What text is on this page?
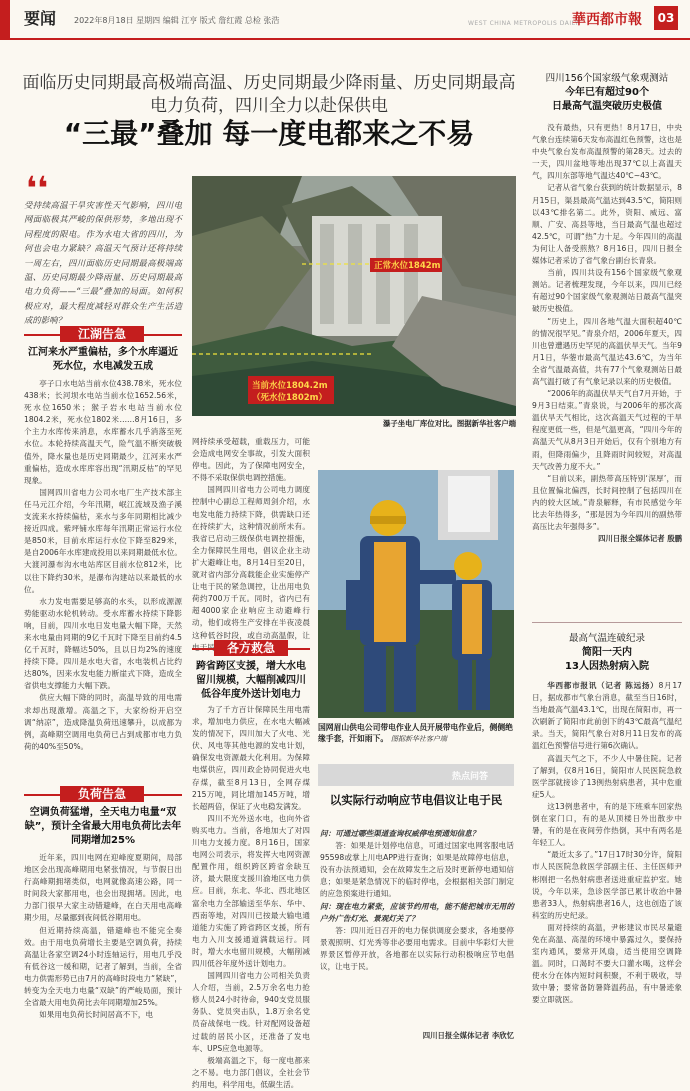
要闻 2022年8月18日 星期四 编辑 江亨 版式 詹红霞 总检 张浩	WEST CHINA METROPOLIS DAILY
華西都市報	03
面临历史同期最高极端高温、历史同期最少降雨量、历史同期最高电力负荷，四川全力以赴保供电
“三最”叠加 每一度电都来之不易
❛❛
受持续高温干旱灾害性天气影响，四川电网面临极其严峻的保供形势，多地出现不同程度的限电。作为水电大省的四川，为何也会电力紧缺？高温天气预计还将持续一周左右，四川面临历史同期最高极端高温、历史同期最少降雨量、历史同期最高电力负荷——“三最”叠加的局面。如何积极应对，最大程度减轻对群众生产生活造成的影响？
正常水位1842m
当前水位1804.2m
（死水位1802m）
瀑子坐电厂库位对比。图据新华社客户端
江湖告急
江河来水严重偏枯，多个水库逼近死水位，水电减发五成

亭子口水电站当前水位438.78米，死水位438米；长河坝水电站当前水位1652.56米，死水位1650米；猴子岩水电站当前水位1804.2米，死水位1802米……8月16日，多个主力水库传来消息，水库蓄水几乎消落至死水位。本轮持续高温天气，险气温不断突破极值外，降水量也是历史同期最少，江河来水严重偏枯，造成水库库容出现“汛期反枯”的罕见现象。

国网四川省电力公司水电厂生产技术部主任马元江介绍，今年汛期，岷江流域及渔子溪支流来水持续偏枯，来水与多年同期相比减少接近四成。紫坪铺水库每年汛期正常运行水位是850米，目前水库运行水位下降至829米，是自2006年水库建成投用以来同期最低水位。大渡河瀑布沟水电站库区目前水位812米，比以往下降约30米，是瀑布沟建站以来最低的水位。

水力发电需要足够高的水头，以形成源源势能驱动水轮机转动。受水库蓄水持续下降影响，目前，四川水电日发电量大幅下降，天然来水电量由同期的9亿千瓦时下降至目前约4.5亿千瓦时，降幅达50%，且以日均2%的速度持续下降。四川是水电大省，水电装机占比约达80%，因来水发电能力断崖式下降，造成全省供电支撑能力大幅下跌。

供应大幅下降的同时，高温导致的用电需求却出现激增。高温之下，大家纷纷开启空调“纳凉”，造成降温负荷迅速攀升，以成都为例，高峰期空调用电负荷已占到成都市电力负荷的40%至50%。

负荷告急
空调负荷猛增，全天电力电量“双缺”，预计全省最大用电负荷比去年同期增加25%

近年来，四川电网在迎峰度夏期间，局部地区会出现高峰期用电紧张情况，与节假日出行高峰期拥堵类似，电网就像高速公路，同一时间段大家都用电，也会出现拥堵。因此，电力部门很早大家主动错避峰，在白天用电高峰期少用，尽量挪到夜间低谷期用电。

但近期持续高温，错避峰也不能完全奏效。由于用电负荷增长主要是空调负荷，持续高温让各家空调24小时连轴运行，用电几乎没有低谷这一缓和期，记者了解到，当前，全省电力供需形势已由7月的高峰时段电力“紧缺”，转变为全天电力电量“双缺”的严峻局面，预计全省最大用电负荷比去年同期增加25%。

如果用电负荷长时间居高不下，电

网持续承受超载，重载压力，可能会造成电网安全事故，引发大面积停电。因此，为了保障电网安全，不得不采取保供电调控措施。

国网四川省电力公司电力调度控制中心副总工程师周剑介绍，水电发电能力持续下降，供需缺口还在持续扩大，这种情况前所未有。我省已启动三级保供电调控措施，全力保障民生用电，倡议企业主动扩大避峰让电，8月14日至20日，就对省内部分高载能企业实施停产让电于民的紧急调控，让出用电负荷约700万千瓦。同时，省内已有超4000家企业响应主动避峰行动，他们或将生产安排在半夜凌晨这种低谷时段，或自动高温假，让

各方救急
跨省跨区支援，增大水电留川规模，大幅削减四川低谷年度外送计划电力

为了千方百计保障民生用电需求，增加电力供应，在水电大幅减发的情况下，四川加大了火电、光伏、风电等其他电源的发电计划，确保发电资源最大化利用。为保障电煤供应，四川政企协同促进火电存煤，截至8月13日，全网存煤215万吨，同比增加145万吨，增长超两倍，保证了火电稳发满发。

四川不光外送水电，也向外省购买电力。当前，各地加大了对四川电力支援力度。8月16日，国家电网公司表示，将发挥大电网资源配置作用，组织跨区跨省余缺互济，最大限度支援川渝地区电力供应。目前，东北、华北、西北地区富余电力全部输送至华东、华中、西南等地，对四川已按最大输电通道能力实施了跨省跨区支援，所有电力入川支援通道满载运行。同时，增大水电留川规模，大幅削减四川低谷年度外送计划电力。

国网四川省电力公司相关负责人介绍，当前，2.5万余名电力抢修人员24小时待命，940支党员服务队、党员突击队，1.8万余名党员奋战保电一线。针对配网设备超过载的居民小区，还准备了发电车、UPS应急电源等。

极端高温之下，每一度电都来之不易。电力部门倡议，全社会节约用电，科学用电，低碳生活。

国网眉山供电公司带电作业人员开展带电作业后，侧侧绝缘手套，汗如雨下。 图据新华社客户端
热点问答
以实际行动响应节电倡议让电于民

问：可通过哪些渠道查询权威停电预通知信息？

答：如果是计划停电信息，可通过国家电网客服电话95598或掌上川电APP进行查询；如果是故障停电信息，没有办法预通知，会在故障发生之后及时更新停电通知信息；如果是紧急情况下的临时停电，会根据相关部门制定的应急预案进行通知。

问：现在电力紧张，应该节约用电，能不能把城市无用的户外广告灯光、景观灯关了？

答：四川近日召开的电力保供调度会要求，各地要停景观照明、灯光秀等非必要用电需求。目前中华彩灯大世界景区暂停开放，各地都在以实际行动积极响应节电倡议，让电于民。

四川日报全媒体记者 李欣忆
四川156个国家级气象观测站
今年已有超过90个
日最高气温突破历史极值

没有最热，只有更热！8月17日，中央气象台连续第6天发布高温红色预警，这也是中央气象台发布高温预警的第28天。过去的一天，四川盆地等地出现37℃以上高温天气，四川东部等地气温达40℃~43℃。

记者从省气象台获到的统计数据显示，8月15日，渠县最高气温达到43.5℃，简阳则以43℃排名第二。此外，资阳、威远、富顺、广安、高县等地，当日最高气温也超过42.5℃，可谓“热”力十足。今年四川的高温为何让人备受煎熬？8月16日，四川日报全媒体记者采访了省气象台副台长青泉。

当前，四川共设有156个国家级气象观测站。记者梳理发现，今年以来，四川已经有超过90个国家级气象观测站日最高气温突破历史极值。

“历史上，四川各地气温大面积超40℃的情况很罕见。”青泉介绍，2006年夏天，四川也曾遭遇历史罕见的高温伏旱天气。当年9月1日，华蓥市最高气温达43.6℃，为当年全省气温最高值，共有77个气象观测站日最高气温打破了有气象记录以来的历史极值。

“2006年的高温伏旱天气自7月开始，于9月3日结束。”青泉说，与2006年的那次高温伏旱天气相比，这次高温天气过程的干旱程度更低一些，但是气温更高，“四川今年的高温天气从8月3日开始后，仅有个别地方有雨，但降雨偏少，且降雨时间较短，对高温天气改善力度不大。”

“目前以来，副热带高压特别‘深厚’，而且位置偏北偏西，长时间控制了包括四川在内的较大区域。”青泉解释，有市民感觉今年比去年热得多，“那是因为今年四川的副热带高压比去年强得多”。

四川日报全媒体记者 殷鹏
最高气温连破纪录
简阳一天内
13人因热射病入院

华西都市报讯（记者 陈远扬）8月17日，据成都市气象台消息，截至当日16时，当地最高气温43.1℃，出现在简阳市，再一次刷新了简阳市此前创下的43℃最高气温纪录。当天，简阳气象台对8月11日发布的高温红色预警信号进行第6次确认。

高温天气之下，不少人中暑住院。记者了解到，仅8月16日，简阳市人民医院急救医学部就接诊了13例热射病患者，其中危重症5人。

这13例患者中，有的是下班乘车回家热倒在家门口，有的是从顶楼日外出散步中暑，有的是在夜间劳作热倒，其中有两名是年轻工人。

“最近太多了。”17日17时30分许，简阳市人民医院急救医学部副主任、主任医师尹彬刚把一名热射病患者送进重症监护室。她说，今年以来，急诊医学部已累计收治中暑患者33人，热射病患者16人，这也创造了该科室的历史纪录。

面对持续的高温，尹彬建议市民尽量避免在高温、高湿的环境中暴露过久，要保持室内通风，要常开风扇，适当使用空调降温。同时，口渴时不要大口灌水喝，这样会使水分在体内短时间积聚，不利于吸收，导致中暑；要常备防暑降温药品，有中暑迹象要立即就医。
